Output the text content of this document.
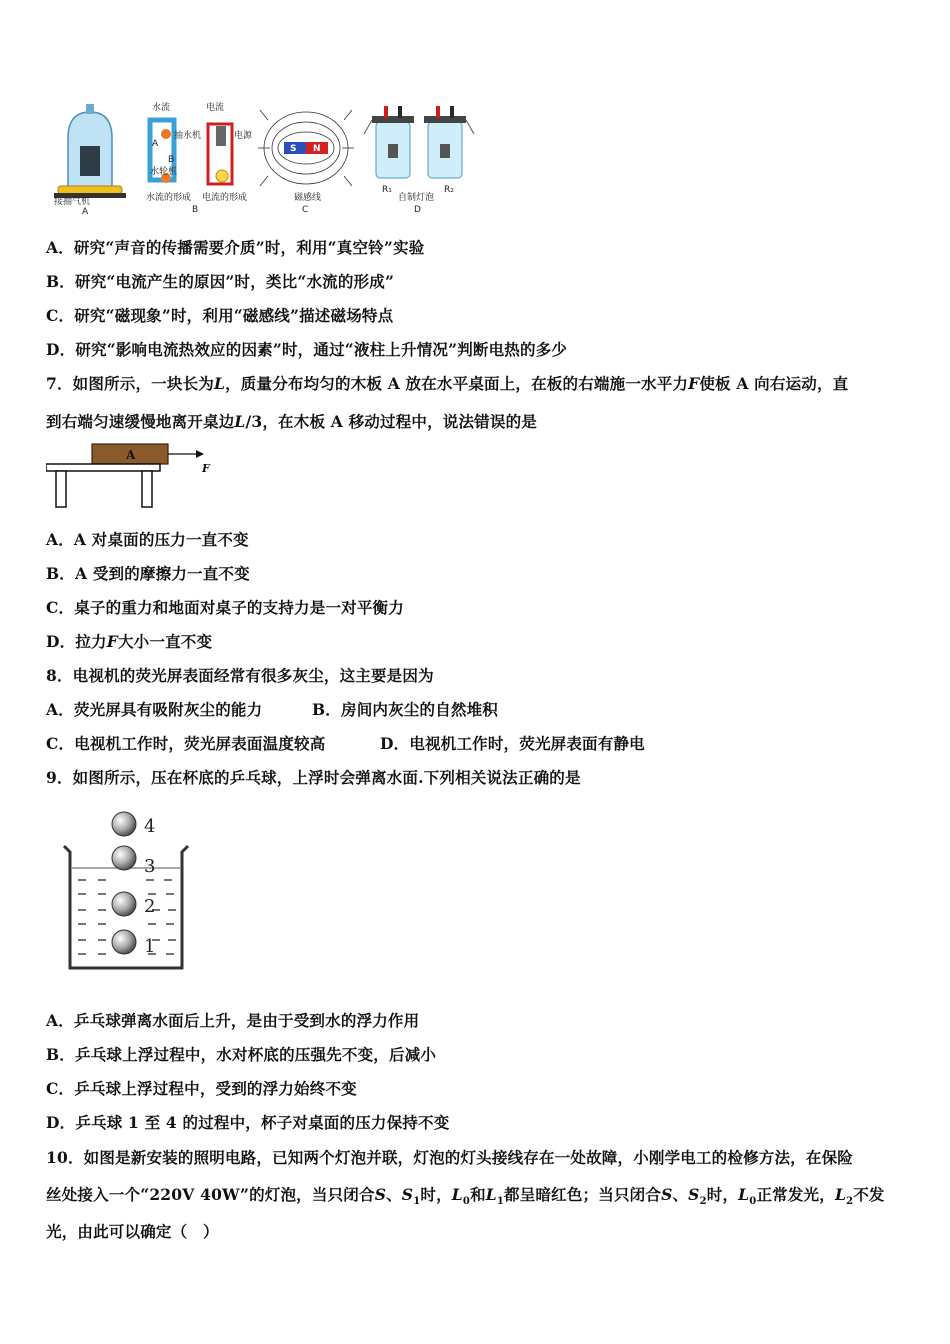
接抽气机
A
水流	电流
抽水机
A
B
水轮机
电源
水流的形成 电流的形成
B
S N
磁感线
C
R₁	R₂
自制灯泡
D
A．研究“声音的传播需要介质”时，利用“真空铃”实验
B．研究“电流产生的原因”时，类比“水流的形成”
C．研究“磁现象”时，利用“磁感线”描述磁场特点
D．研究“影响电流热效应的因素”时，通过“液柱上升情况”判断电热的多少
7．如图所示，一块长为L，质量分布均匀的木板 A 放在水平桌面上，在板的右端施一水平力F使板 A 向右运动，直
到右端匀速缓慢地离开桌边L/3，在木板 A 移动过程中，说法错误的是
A
F
A．A 对桌面的压力一直不变
B．A 受到的摩擦力一直不变
C．桌子的重力和地面对桌子的支持力是一对平衡力
D．拉力F大小一直不变
8．电视机的荧光屏表面经常有很多灰尘，这主要是因为
A．荧光屏具有吸附灰尘的能力	B．房间内灰尘的自然堆积
C．电视机工作时，荧光屏表面温度较高	D．电视机工作时，荧光屏表面有静电
9．如图所示，压在杯底的乒乓球，上浮时会弹离水面.下列相关说法正确的是
4
3
2
1
A．乒乓球弹离水面后上升，是由于受到水的浮力作用
B．乒乓球上浮过程中，水对杯底的压强先不变，后减小
C．乒乓球上浮过程中，受到的浮力始终不变
D．乒乓球 1 至 4 的过程中，杯子对桌面的压力保持不变
10．如图是新安装的照明电路，已知两个灯泡并联，灯泡的灯头接线存在一处故障，小刚学电工的检修方法，在保险
丝处接入一个“220V 40W”的灯泡，当只闭合S、$S_1$时，$L_0$和$L_1$都呈暗红色；当只闭合S、$S_2$时，$L_0$正常发光，$L_2$不发
光，由此可以确定（　）
